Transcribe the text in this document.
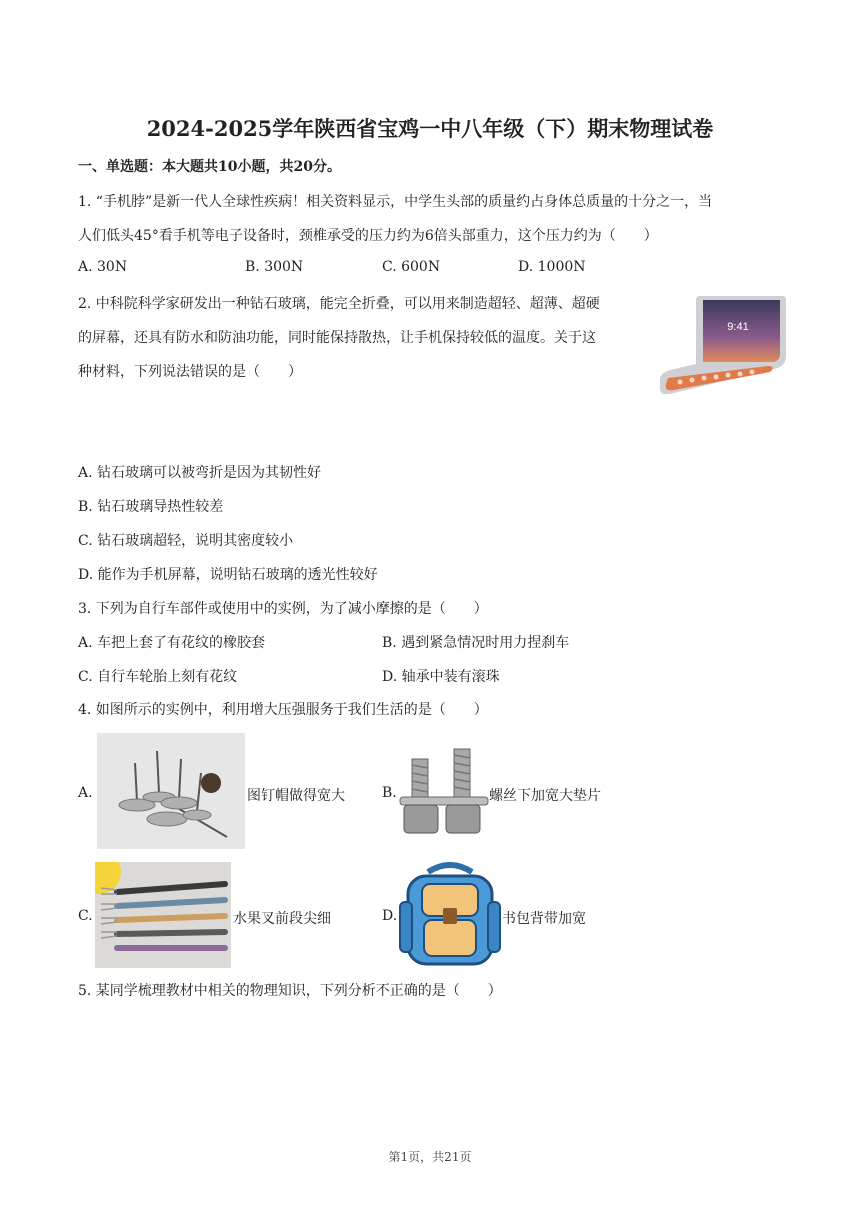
2024-2025学年陕西省宝鸡一中八年级（下）期末物理试卷
一、单选题：本大题共10小题，共20分。
1. “手机脖”是新一代人全球性疾病！相关资料显示，中学生头部的质量约占身体总质量的十分之一，当
人们低头45°看手机等电子设备时，颈椎承受的压力约为6倍头部重力，这个压力约为（　　）
A. 30N	B. 300N	C. 600N	D. 1000N
2. 中科院科学家研发出一种钻石玻璃，能完全折叠，可以用来制造超轻、超薄、超硬
的屏幕，还具有防水和防油功能，同时能保持散热，让手机保持较低的温度。关于这
种材料，下列说法错误的是（　　）
9:41
A. 钻石玻璃可以被弯折是因为其韧性好
B. 钻石玻璃导热性较差
C. 钻石玻璃超轻，说明其密度较小
D. 能作为手机屏幕，说明钻石玻璃的透光性较好
3. 下列为自行车部件或使用中的实例，为了减小摩擦的是（　　）
A. 车把上套了有花纹的橡胶套	B. 遇到紧急情况时用力捏刹车
C. 自行车轮胎上刻有花纹	D. 轴承中装有滚珠
4. 如图所示的实例中，利用增大压强服务于我们生活的是（　　）
A.	图钉帽做得宽大	B.	螺丝下加宽大垫片
C.	水果叉前段尖细	D.	书包背带加宽
5. 某同学梳理教材中相关的物理知识，下列分析不正确的是（　　）
第1页，共21页
